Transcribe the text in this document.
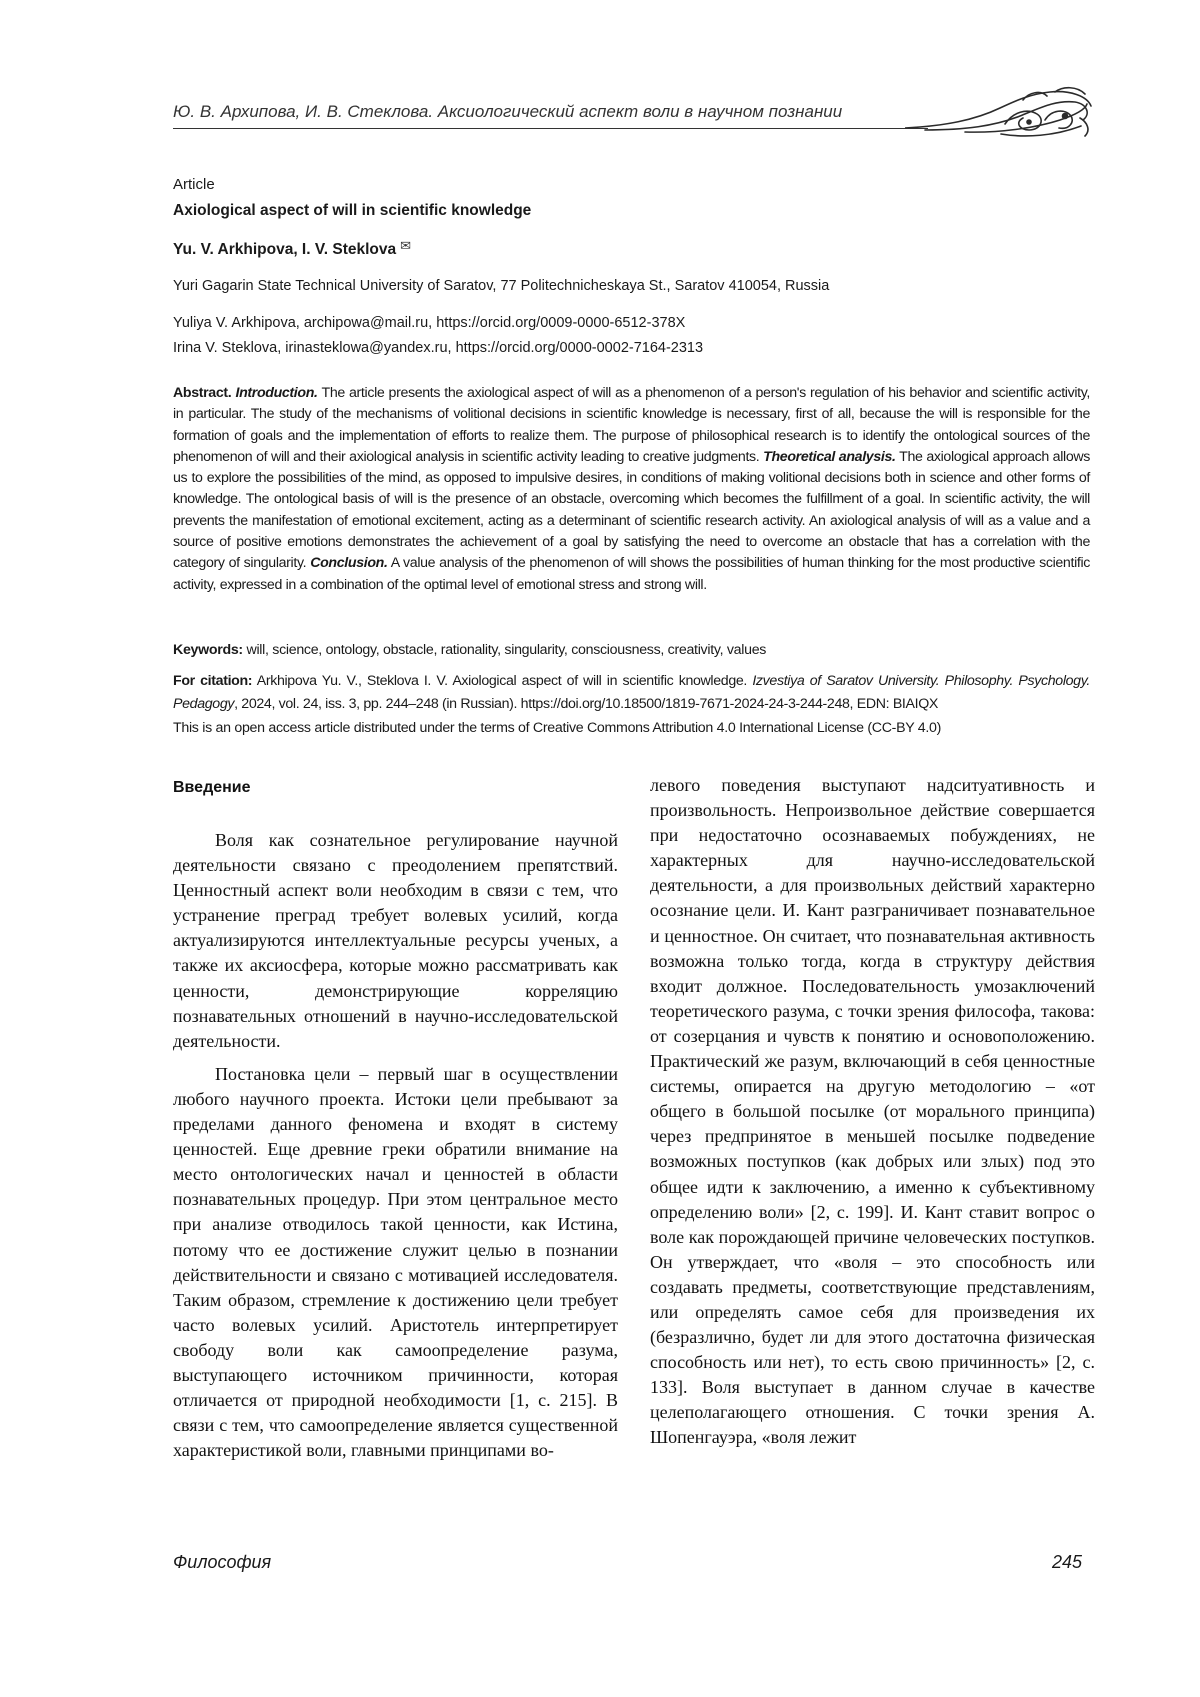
Ю. В. Архипова, И. В. Стеклова. Аксиологический аспект воли в научном познании
Article
Axiological aspect of will in scientific knowledge
Yu. V. Arkhipova, I. V. Steklova ✉
Yuri Gagarin State Technical University of Saratov, 77 Politechnicheskaya St., Saratov 410054, Russia
Yuliya V. Arkhipova, archipowa@mail.ru, https://orcid.org/0009-0000-6512-378X
Irina V. Steklova, irinasteklowa@yandex.ru, https://orcid.org/0000-0002-7164-2313
Abstract. Introduction. The article presents the axiological aspect of will as a phenomenon of a person's regulation of his behavior and scientific activity, in particular. The study of the mechanisms of volitional decisions in scientific knowledge is necessary, first of all, because the will is responsible for the formation of goals and the implementation of efforts to realize them. The purpose of philosophical research is to identify the ontological sources of the phenomenon of will and their axiological analysis in scientific activity leading to creative judgments. Theoretical analysis. The axiological approach allows us to explore the possibilities of the mind, as opposed to impulsive desires, in conditions of making volitional decisions both in science and other forms of knowledge. The ontological basis of will is the presence of an obstacle, overcoming which becomes the fulfillment of a goal. In scientific activity, the will prevents the manifestation of emotional excitement, acting as a determinant of scientific research activity. An axiological analysis of will as a value and a source of positive emotions demonstrates the achievement of a goal by satisfying the need to overcome an obstacle that has a correlation with the category of singularity. Conclusion. A value analysis of the phenomenon of will shows the possibilities of human thinking for the most productive scientific activity, expressed in a combination of the optimal level of emotional stress and strong will.
Keywords: will, science, ontology, obstacle, rationality, singularity, consciousness, creativity, values
For citation: Arkhipova Yu. V., Steklova I. V. Axiological aspect of will in scientific knowledge. Izvestiya of Saratov University. Philosophy. Psychology. Pedagogy, 2024, vol. 24, iss. 3, pp. 244–248 (in Russian). https://doi.org/10.18500/1819-7671-2024-24-3-244-248, EDN: BIAIQX
This is an open access article distributed under the terms of Creative Commons Attribution 4.0 International License (CC-BY 4.0)
Введение

Воля как сознательное регулирование научной деятельности связано с преодолением препятствий. Ценностный аспект воли необходим в связи с тем, что устранение преград требует волевых усилий, когда актуализируются интеллектуальные ресурсы ученых, а также их аксиосфера, которые можно рассматривать как ценности, демонстрирующие корреляцию познавательных отношений в научно-исследовательской деятельности.

Постановка цели – первый шаг в осуществлении любого научного проекта. Истоки цели пребывают за пределами данного феномена и входят в систему ценностей. Еще древние греки обратили внимание на место онтологических начал и ценностей в области познавательных процедур. При этом центральное место при анализе отводилось такой ценности, как Истина, потому что ее достижение служит целью в познании действительности и связано с мотивацией исследователя. Таким образом, стремление к достижению цели требует часто волевых усилий. Аристотель интерпретирует свободу воли как самоопределение разума, выступающего источником причинности, которая отличается от природной необходимости [1, с. 215]. В связи с тем, что самоопределение является существенной характеристикой воли, главными принципами во-

левого поведения выступают надситуативность и произвольность. Непроизвольное действие совершается при недостаточно осознаваемых побуждениях, не характерных для научно-исследовательской деятельности, а для произвольных действий характерно осознание цели. И. Кант разграничивает познавательное и ценностное. Он считает, что познавательная активность возможна только тогда, когда в структуру действия входит должное. Последовательность умозаключений теоретического разума, с точки зрения философа, такова: от созерцания и чувств к понятию и основоположению. Практический же разум, включающий в себя ценностные системы, опирается на другую методологию – «от общего в большой посылке (от морального принципа) через предпринятое в меньшей посылке подведение возможных поступков (как добрых или злых) под это общее идти к заключению, а именно к субъективному определению воли» [2, с. 199]. И. Кант ставит вопрос о воле как порождающей причине человеческих поступков. Он утверждает, что «воля – это способность или создавать предметы, соответствующие представлениям, или определять самое себя для произведения их (безразлично, будет ли для этого достаточна физическая способность или нет), то есть свою причинность» [2, с. 133]. Воля выступает в данном случае в качестве целеполагающего отношения. С точки зрения А. Шопенгауэра, «воля лежит

Философия	245
